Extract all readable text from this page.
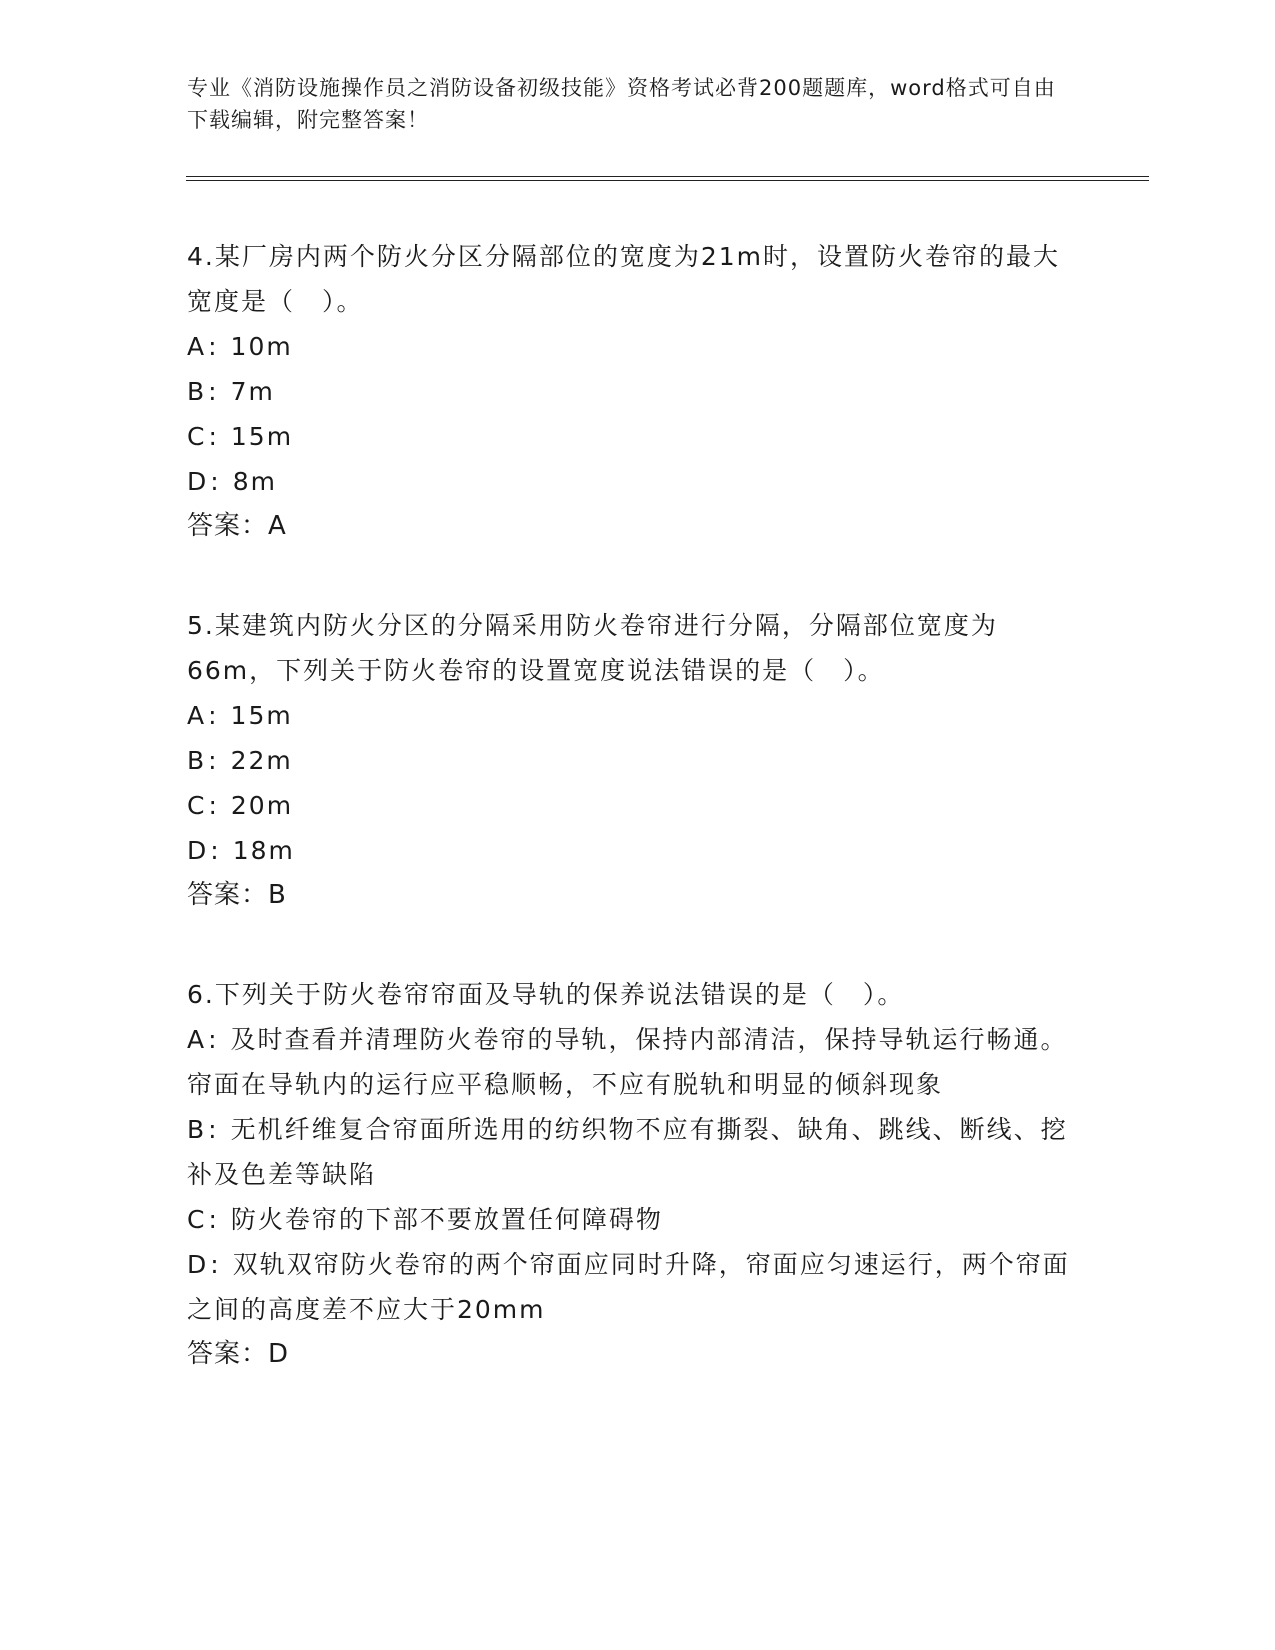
专业《消防设施操作员之消防设备初级技能》资格考试必背200题题库，word格式可自由下载编辑，附完整答案！

4.某厂房内两个防火分区分隔部位的宽度为21m时，设置防火卷帘的最大宽度是（　）。

A: 10m

B: 7m

C: 15m

D: 8m

答案：A

5.某建筑内防火分区的分隔采用防火卷帘进行分隔，分隔部位宽度为66m，下列关于防火卷帘的设置宽度说法错误的是（　）。

A: 15m

B: 22m

C: 20m

D: 18m

答案：B

6.下列关于防火卷帘帘面及导轨的保养说法错误的是（　）。

A: 及时查看并清理防火卷帘的导轨，保持内部清洁，保持导轨运行畅通。帘面在导轨内的运行应平稳顺畅，不应有脱轨和明显的倾斜现象

B: 无机纤维复合帘面所选用的纺织物不应有撕裂、缺角、跳线、断线、挖补及色差等缺陷

C: 防火卷帘的下部不要放置任何障碍物

D: 双轨双帘防火卷帘的两个帘面应同时升降，帘面应匀速运行，两个帘面之间的高度差不应大于20mm

答案：D
